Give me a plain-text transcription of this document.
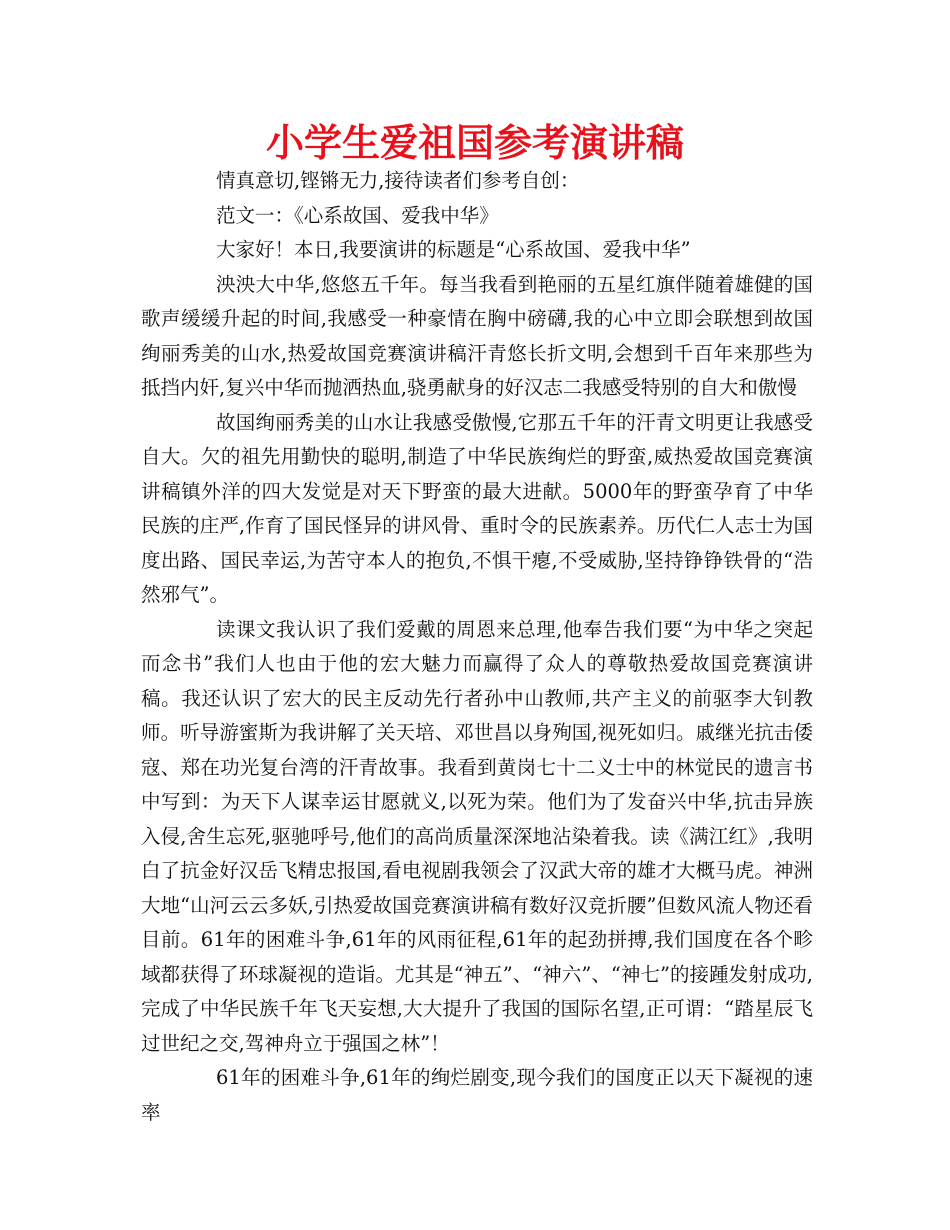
小学生爱祖国参考演讲稿

情真意切,铿锵无力,接待读者们参考自创：

范文一：《心系故国、爱我中华》

大家好！本日,我要演讲的标题是“心系故国、爱我中华”

泱泱大中华,悠悠五千年。每当我看到艳丽的五星红旗伴随着雄健的国歌声缓缓升起的时间,我感受一种豪情在胸中磅礴,我的心中立即会联想到故国绚丽秀美的山水,热爱故国竞赛演讲稿汗青悠长折文明,会想到千百年来那些为抵挡内奸,复兴中华而抛洒热血,骁勇献身的好汉志二我感受特别的自大和傲慢

故国绚丽秀美的山水让我感受傲慢,它那五千年的汗青文明更让我感受自大。欠的祖先用勤快的聪明,制造了中华民族绚烂的野蛮,威热爱故国竞赛演讲稿镇外洋的四大发觉是对天下野蛮的最大进献。5000年的野蛮孕育了中华民族的庄严,作育了国民怪异的讲风骨、重时令的民族素养。历代仁人志士为国度出路、国民幸运,为苦守本人的抱负,不惧干瘪,不受威胁,坚持铮铮铁骨的“浩然邪气”。

读课文我认识了我们爱戴的周恩来总理,他奉告我们要“为中华之突起而念书”我们人也由于他的宏大魅力而赢得了众人的尊敬热爱故国竞赛演讲稿。我还认识了宏大的民主反动先行者孙中山教师,共产主义的前驱李大钊教师。听导游蜜斯为我讲解了关天培、邓世昌以身殉国,视死如归。戚继光抗击倭寇、郑在功光复台湾的汗青故事。我看到黄岗七十二义士中的林觉民的遗言书中写到：为天下人谋幸运甘愿就义,以死为荣。他们为了发奋兴中华,抗击异族入侵,舍生忘死,驱驰呼号,他们的高尚质量深深地沾染着我。读《满江红》,我明白了抗金好汉岳飞精忠报国,看电视剧我领会了汉武大帝的雄才大概马虎。神洲大地“山河云云多妖,引热爱故国竞赛演讲稿有数好汉竞折腰”但数风流人物还看目前。61年的困难斗争,61年的风雨征程,61年的起劲拼搏,我们国度在各个畛域都获得了环球凝视的造诣。尤其是“神五”、“神六”、“神七”的接踵发射成功,完成了中华民族千年飞天妄想,大大提升了我国的国际名望,正可谓：“踏星辰飞过世纪之交,驾神舟立于强国之林”！

61年的困难斗争,61年的绚烂剧变,现今我们的国度正以天下凝视的速率
